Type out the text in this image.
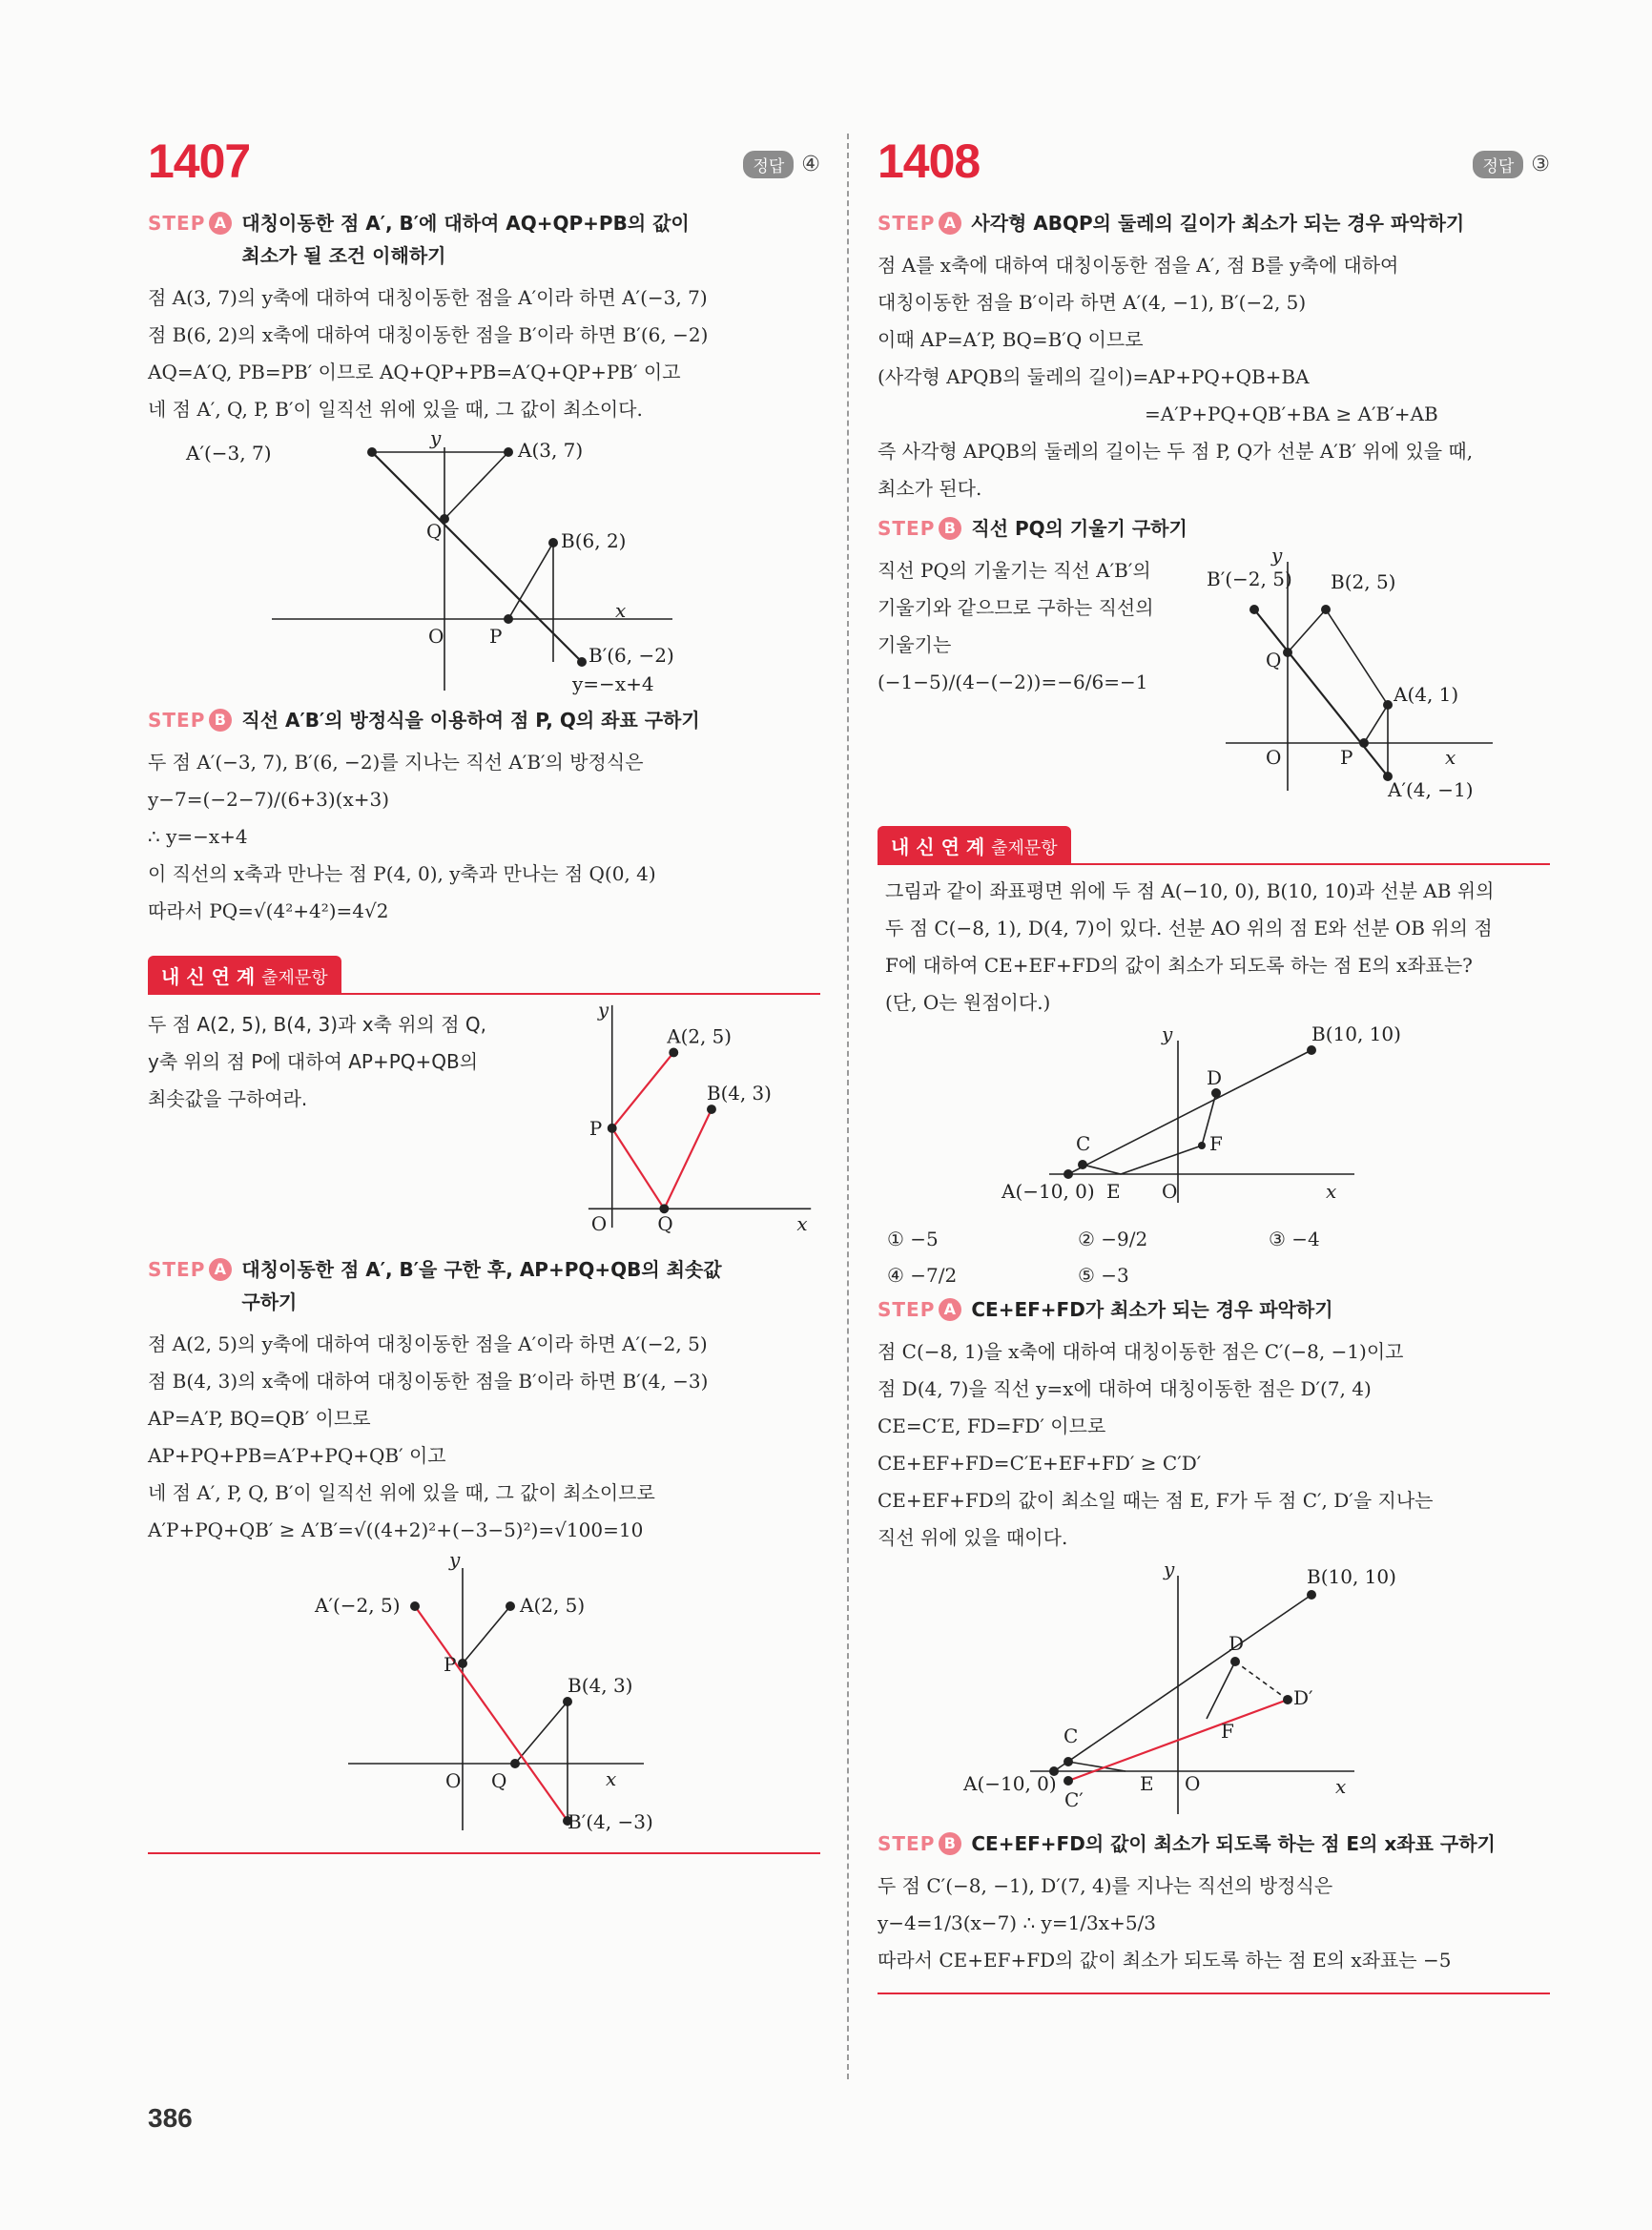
1407	정답 ④
STEP A 대칭이동한 점 A′, B′에 대하여 AQ+QP+PB의 값이
최소가 될 조건 이해하기
점 A(3, 7)의 y축에 대하여 대칭이동한 점을 A′이라 하면 A′(−3, 7)
점 B(6, 2)의 x축에 대하여 대칭이동한 점을 B′이라 하면 B′(6, −2)
AQ=A′Q, PB=PB′ 이므로 AQ+QP+PB=A′Q+QP+PB′ 이고
네 점 A′, Q, P, B′이 일직선 위에 있을 때, 그 값이 최소이다.
A′(−3, 7)	A(3, 7)
y
Q	B(6, 2)
O P
x
B′(6, −2)
y=−x+4
STEP B 직선 A′B′의 방정식을 이용하여 점 P, Q의 좌표 구하기
두 점 A′(−3, 7), B′(6, −2)를 지나는 직선 A′B′의 방정식은
y−7=(−2−7)/(6+3)(x+3)
∴ y=−x+4
이 직선의 x축과 만나는 점 P(4, 0), y축과 만나는 점 Q(0, 4)
따라서 PQ=√(4²+4²)=4√2
내 신 연 계 출제문항
두 점 A(2, 5), B(4, 3)과 x축 위의 점 Q,
y축 위의 점 P에 대하여 AP+PQ+QB의
최솟값을 구하여라.
y
A(2, 5)
B(4, 3)
P
O	Q	x
STEP A 대칭이동한 점 A′, B′을 구한 후, AP+PQ+QB의 최솟값
구하기
점 A(2, 5)의 y축에 대하여 대칭이동한 점을 A′이라 하면 A′(−2, 5)
점 B(4, 3)의 x축에 대하여 대칭이동한 점을 B′이라 하면 B′(4, −3)
AP=A′P, BQ=QB′ 이므로
AP+PQ+PB=A′P+PQ+QB′ 이고
네 점 A′, P, Q, B′이 일직선 위에 있을 때, 그 값이 최소이므로
A′P+PQ+QB′ ≥ A′B′=√((4+2)²+(−3−5)²)=√100=10
y
A′(−2, 5)	A(2, 5)
P
B(4, 3)
O Q	x
B′(4, −3)
1408	정답 ③
STEP A 사각형 ABQP의 둘레의 길이가 최소가 되는 경우 파악하기
점 A를 x축에 대하여 대칭이동한 점을 A′, 점 B를 y축에 대하여
대칭이동한 점을 B′이라 하면 A′(4, −1), B′(−2, 5)
이때 AP=A′P, BQ=B′Q 이므로
(사각형 APQB의 둘레의 길이)=AP+PQ+QB+BA
=A′P+PQ+QB′+BA ≥ A′B′+AB
즉 사각형 APQB의 둘레의 길이는 두 점 P, Q가 선분 A′B′ 위에 있을 때,
최소가 된다.
STEP B 직선 PQ의 기울기 구하기
직선 PQ의 기울기는 직선 A′B′의
기울기와 같으므로 구하는 직선의
기울기는
(−1−5)/(4−(−2))=−6/6=−1
y
B′(−2, 5) B(2, 5)
Q
A(4, 1)
O	P	x
A′(4, −1)
내 신 연 계 출제문항
그림과 같이 좌표평면 위에 두 점 A(−10, 0), B(10, 10)과 선분 AB 위의
두 점 C(−8, 1), D(4, 7)이 있다. 선분 AO 위의 점 E와 선분 OB 위의 점
F에 대하여 CE+EF+FD의 값이 최소가 되도록 하는 점 E의 x좌표는?
(단, O는 원점이다.)
y	B(10, 10)
D
C	F
A(−10, 0) E O	x
① −5	② −9/2	③ −4
④ −7/2	⑤ −3
STEP A CE+EF+FD가 최소가 되는 경우 파악하기
점 C(−8, 1)을 x축에 대하여 대칭이동한 점은 C′(−8, −1)이고
점 D(4, 7)을 직선 y=x에 대하여 대칭이동한 점은 D′(7, 4)
CE=C′E, FD=FD′ 이므로
CE+EF+FD=C′E+EF+FD′ ≥ C′D′
CE+EF+FD의 값이 최소일 때는 점 E, F가 두 점 C′, D′을 지나는
직선 위에 있을 때이다.
y	B(10, 10)
D
D′
C	F
A(−10, 0)	E O
C′
x
STEP B CE+EF+FD의 값이 최소가 되도록 하는 점 E의 x좌표 구하기
두 점 C′(−8, −1), D′(7, 4)를 지나는 직선의 방정식은
y−4=1/3(x−7) ∴ y=1/3x+5/3
따라서 CE+EF+FD의 값이 최소가 되도록 하는 점 E의 x좌표는 −5
386
